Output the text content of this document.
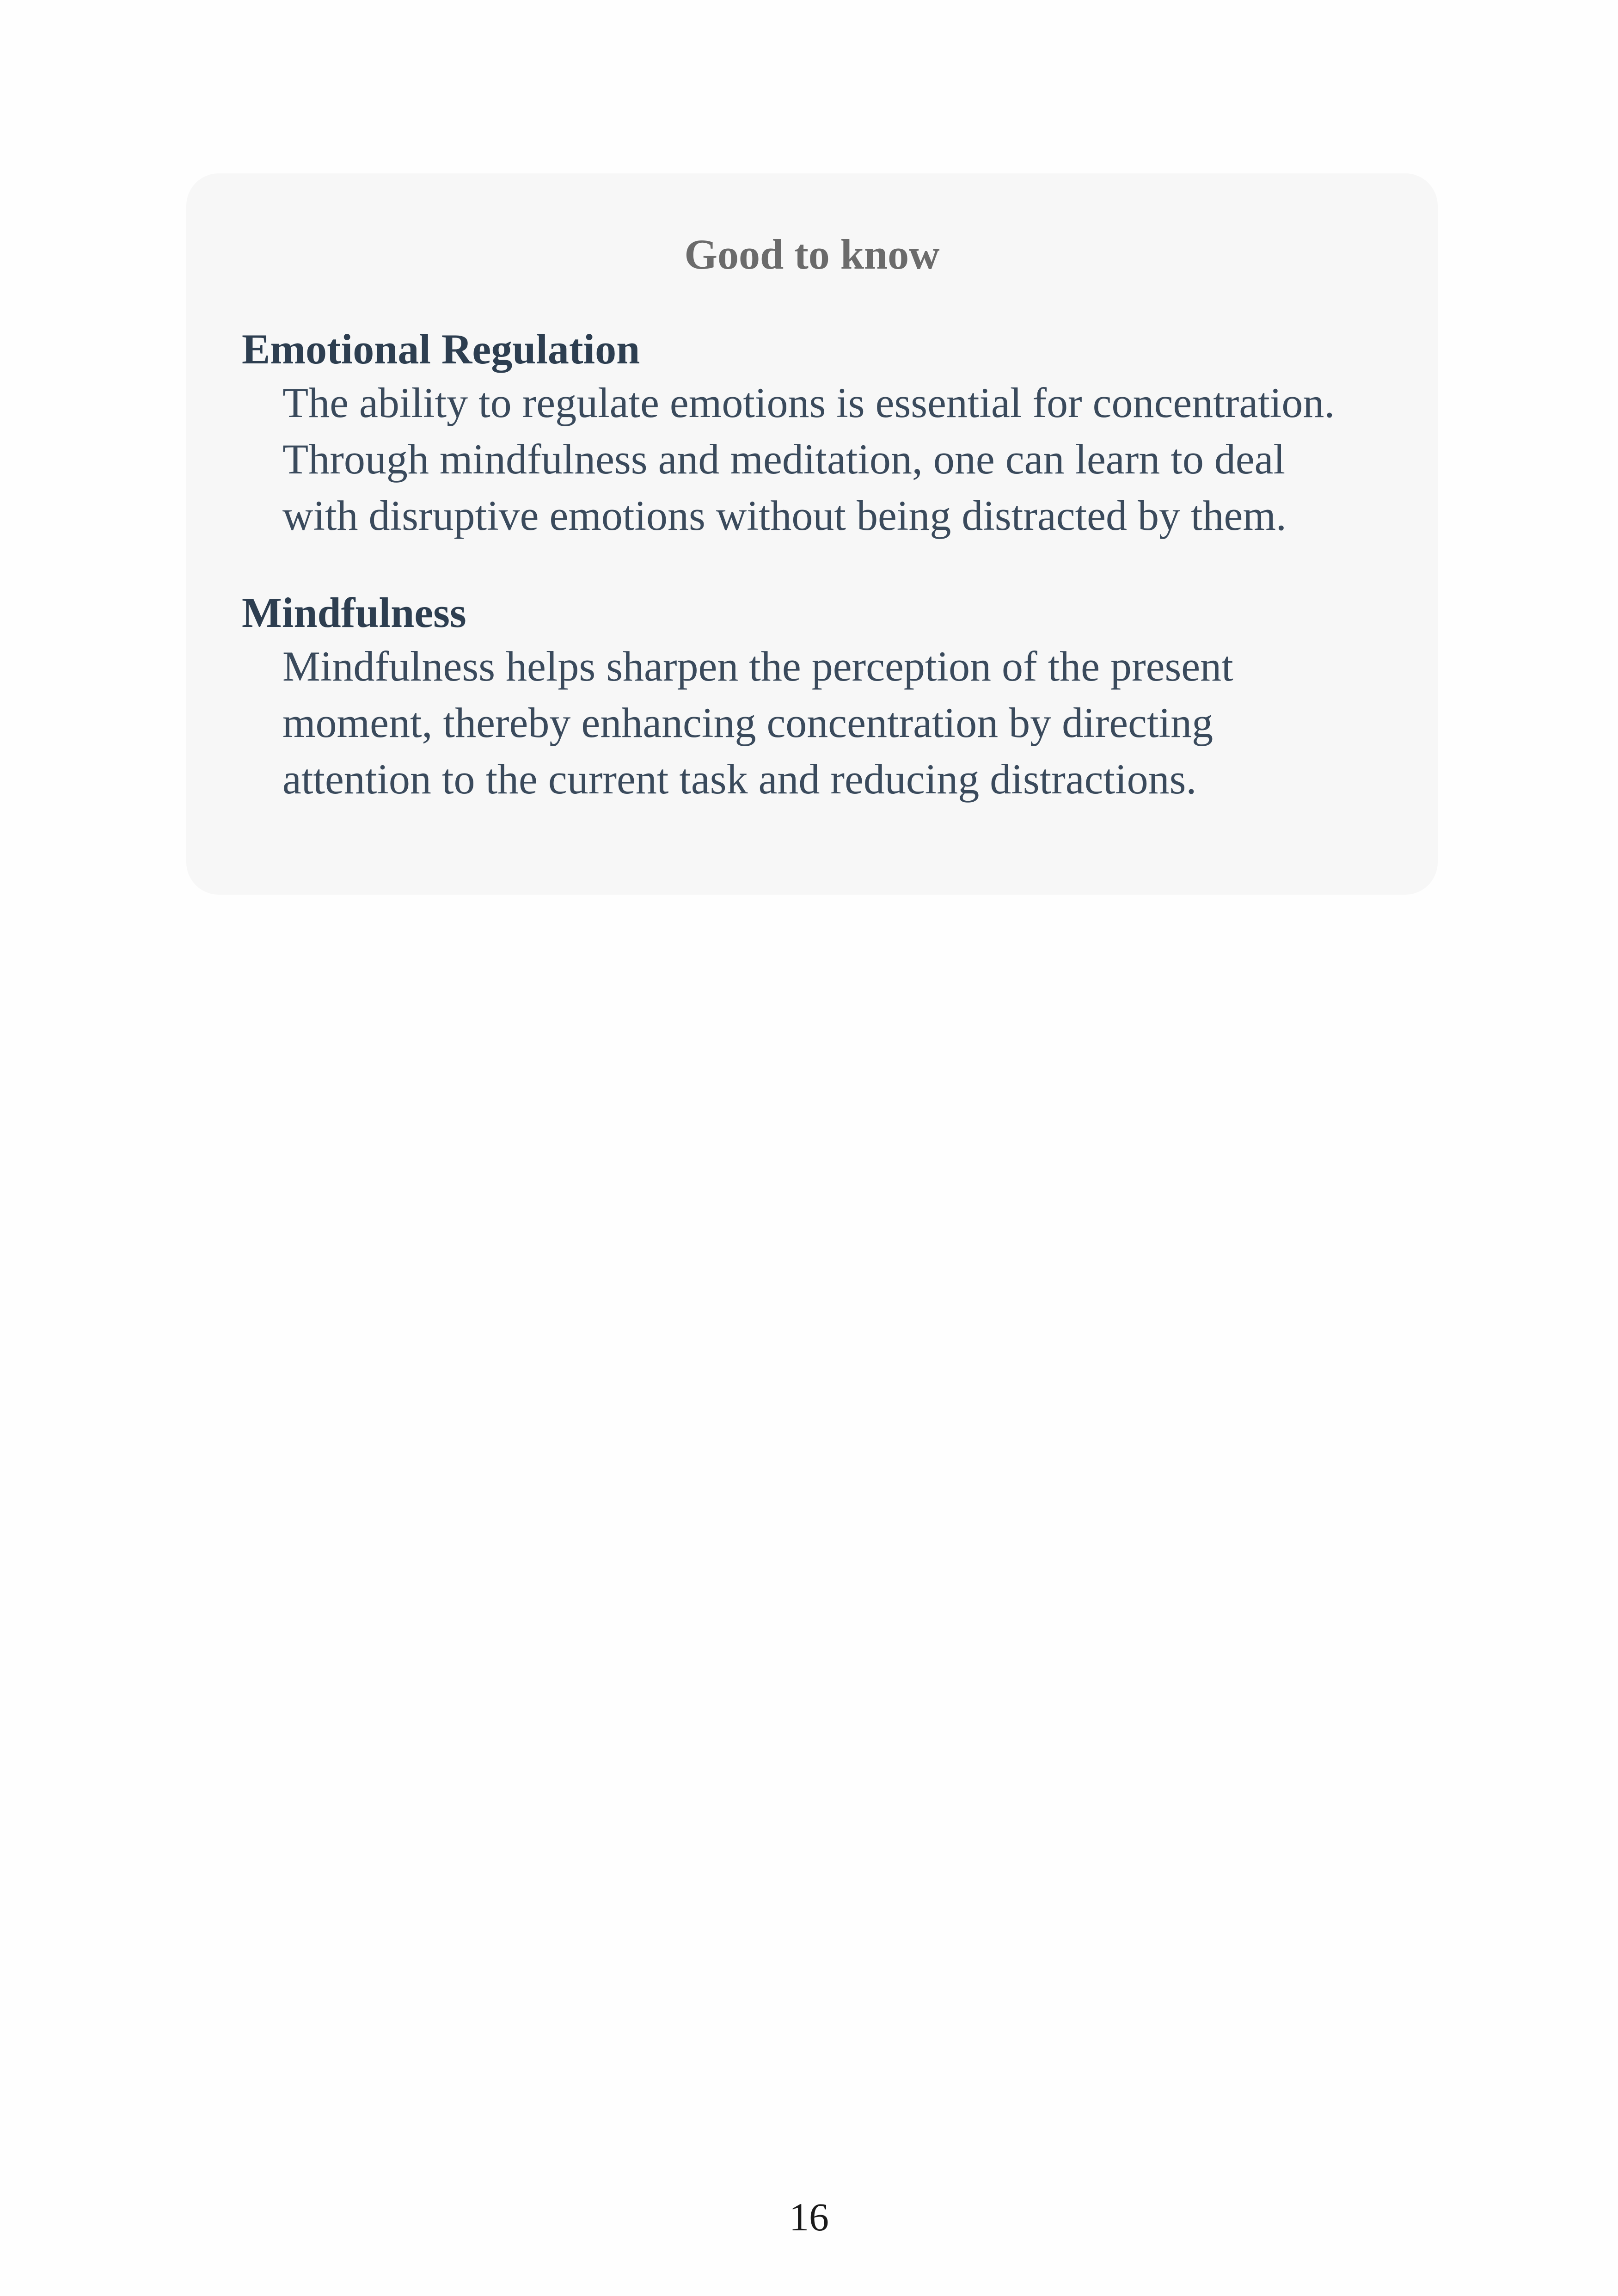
Good to know
Emotional Regulation

The ability to regulate emotions is essential for concentration.
Through mindfulness and meditation, one can learn to deal
with disruptive emotions without being distracted by them.

Mindfulness

Mindfulness helps sharpen the perception of the present
moment, thereby enhancing concentration by directing
attention to the current task and reducing distractions.

16
